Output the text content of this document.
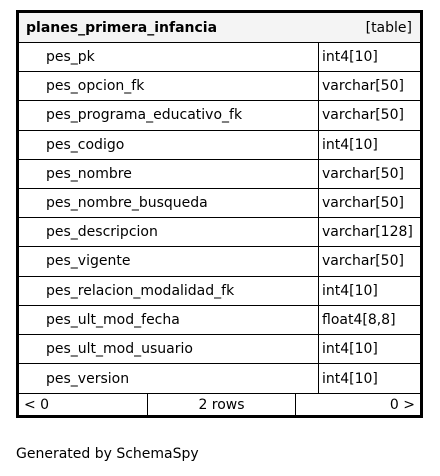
planes_primera_infancia	[table]
pes_pk	int4[10]
pes_opcion_fk	varchar[50]
pes_programa_educativo_fk	varchar[50]
pes_codigo	int4[10]
pes_nombre	varchar[50]
pes_nombre_busqueda	varchar[50]
pes_descripcion	varchar[128]
pes_vigente	varchar[50]
pes_relacion_modalidad_fk	int4[10]
pes_ult_mod_fecha	float4[8,8]
pes_ult_mod_usuario	int4[10]
pes_version	int4[10]
< 0	2 rows	0 >
Generated by SchemaSpy
